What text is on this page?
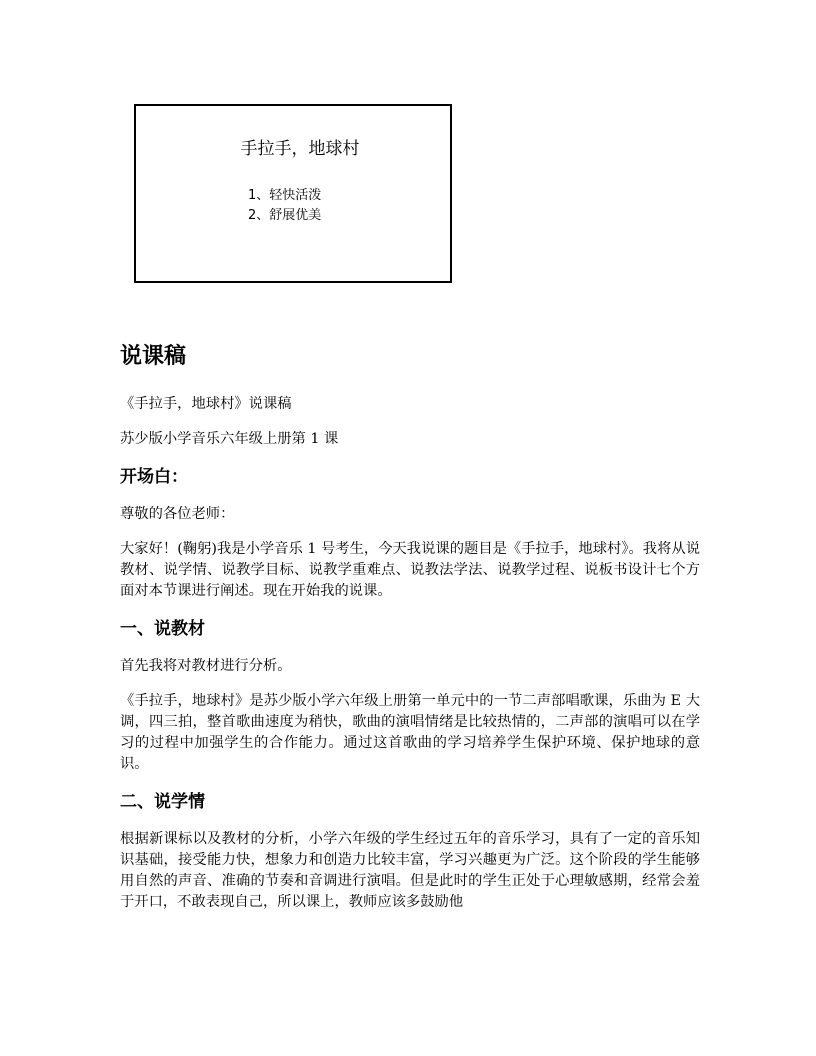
手拉手，地球村
1、轻快活泼
2、舒展优美
说课稿

《手拉手，地球村》说课稿

苏少版小学音乐六年级上册第 1 课

开场白：

尊敬的各位老师：

大家好！(鞠躬)我是小学音乐 1 号考生，今天我说课的题目是《手拉手，地球村》。我将从说教材、说学情、说教学目标、说教学重难点、说教法学法、说教学过程、说板书设计七个方面对本节课进行阐述。现在开始我的说课。

一、说教材

首先我将对教材进行分析。

《手拉手，地球村》是苏少版小学六年级上册第一单元中的一节二声部唱歌课，乐曲为 E 大调，四三拍，整首歌曲速度为稍快，歌曲的演唱情绪是比较热情的，二声部的演唱可以在学习的过程中加强学生的合作能力。通过这首歌曲的学习培养学生保护环境、保护地球的意识。

二、说学情

根据新课标以及教材的分析，小学六年级的学生经过五年的音乐学习，具有了一定的音乐知识基础，接受能力快，想象力和创造力比较丰富，学习兴趣更为广泛。这个阶段的学生能够用自然的声音、准确的节奏和音调进行演唱。但是此时的学生正处于心理敏感期，经常会羞于开口，不敢表现自己，所以课上，教师应该多鼓励他
